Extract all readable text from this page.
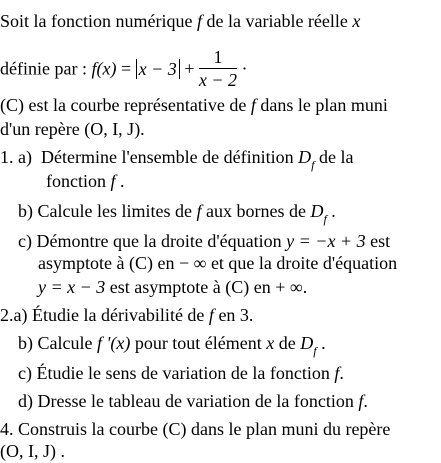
Soit la fonction numérique f de la variable réelle x
définie par : $f(x) = x - 3 + \frac{1}{x - 2}$ ·
(C) est la courbe représentative de f dans le plan muni
d'un repère (O, I, J).
1. a) Détermine l'ensemble de définition $D_f$ de la
fonction f .
b) Calcule les limites de f aux bornes de $D_f$ .
c) Démontre que la droite d'équation y = −x + 3 est
asymptote à (C) en − ∞ et que la droite d'équation
y = x − 3 est asymptote à (C) en + ∞.
2.a) Étudie la dérivabilité de f en 3.
b) Calcule f '(x) pour tout élément x de $D_f$ .
c) Étudie le sens de variation de la fonction f.
d) Dresse le tableau de variation de la fonction f.
4. Construis la courbe (C) dans le plan muni du repère
(O, I, J) .
